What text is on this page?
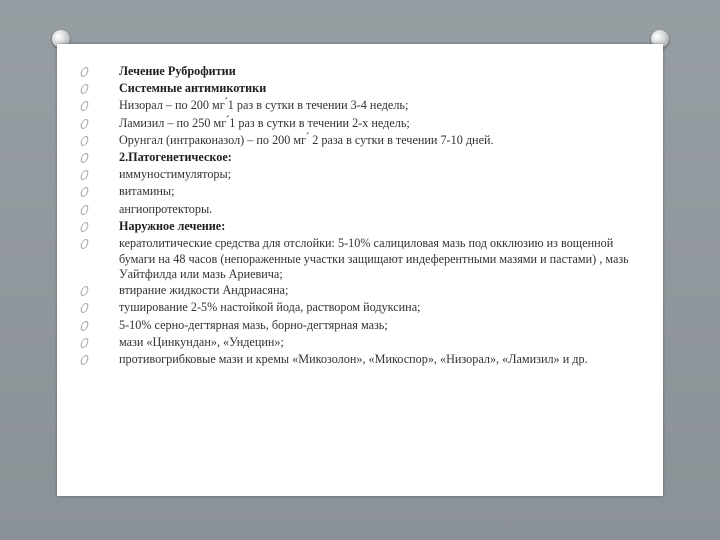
Лечение Руброфитии
Системные антимикотики
Низорал – по 200 мг ́1 раз в сутки в течении 3-4 недель;
Ламизил – по 250 мг ́1 раз в сутки в течении 2-х недель;
Орунгал (интраконазол) – по 200 мг ́ 2 раза в сутки в течении 7-10 дней.
2.Патогенетическое:
иммуностимуляторы;
витамины;
ангиопротекторы.
Наружное лечение:
кератолитические средства для отслойки: 5-10% салициловая мазь под окклюзию из вощенной бумаги на 48 часов (непораженные участки защищают индеферентными мазями и пастами) , мазь Уайтфилда или мазь Ариевича;
втирание жидкости Андриасяна;
туширование 2-5% настойкой йода, раствором йодуксина;
5-10% серно-дегтярная мазь, борно-дегтярная мазь;
мази «Цинкундан», «Ундецин»;
противогрибковые мази и кремы «Микозолон», «Микоспор», «Низорал», «Ламизил» и др.
